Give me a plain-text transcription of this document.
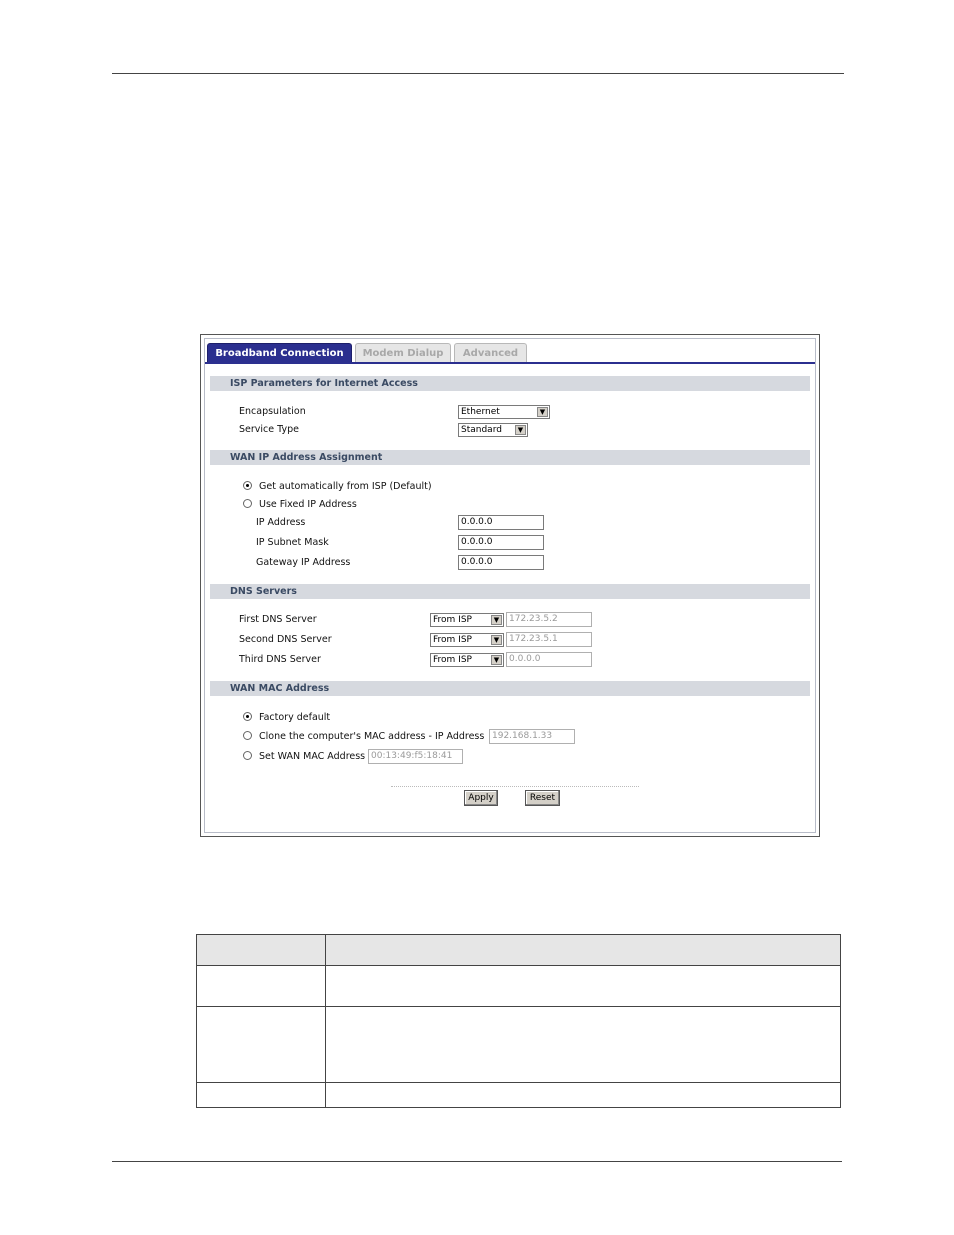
Broadband Connection	Modem Dialup	Advanced
ISP Parameters for Internet Access
Encapsulation	Ethernet	▼
Service Type	Standard	▼
WAN IP Address Assignment
Get automatically from ISP (Default)
Use Fixed IP Address
IP Address	0.0.0.0
IP Subnet Mask	0.0.0.0
Gateway IP Address	0.0.0.0
DNS Servers
First DNS Server	From ISP	▼	172.23.5.2
Second DNS Server	From ISP	▼	172.23.5.1
Third DNS Server	From ISP	▼	0.0.0.0
WAN MAC Address
Factory default
Clone the computer's MAC address - IP Address 192.168.1.33
Set WAN MAC Address 00:13:49:f5:18:41
Apply	Reset
